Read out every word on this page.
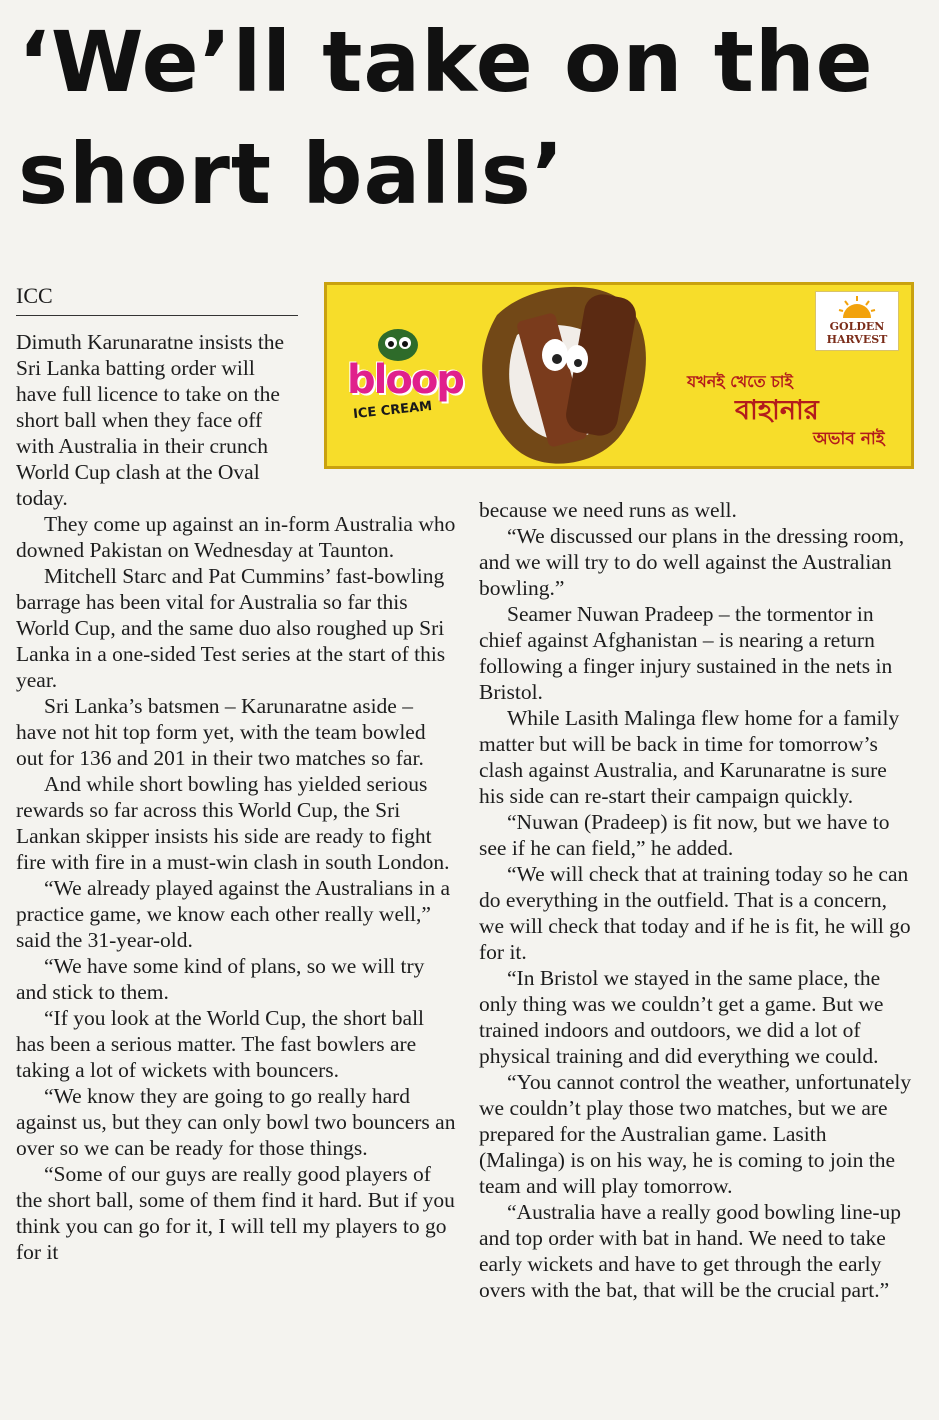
‘We’ll take on the
short balls’
ICC
bloop
ICE CREAM
GOLDEN HARVEST
যখনই খেতে চাই
বাহানার
অভাব নাই

Dimuth Karunaratne insists the Sri Lanka batting order will have full licence to take on the short ball when they face off with Australia in their crunch World Cup clash at the Oval today.

They come up against an in-form Australia who downed Pakistan on Wednesday at Taunton.

Mitchell Starc and Pat Cummins’ fast-bowling barrage has been vital for Australia so far this World Cup, and the same duo also roughed up Sri Lanka in a one-sided Test series at the start of this year.

Sri Lanka’s batsmen – Karunaratne aside – have not hit top form yet, with the team bowled out for 136 and 201 in their two matches so far.

And while short bowling has yielded serious rewards so far across this World Cup, the Sri Lankan skipper insists his side are ready to fight fire with fire in a must-win clash in south London.

“We already played against the Australians in a practice game, we know each other really well,” said the 31-year-old.

“We have some kind of plans, so we will try and stick to them.

“If you look at the World Cup, the short ball has been a serious matter. The fast bowlers are taking a lot of wickets with bouncers.

“We know they are going to go really hard against us, but they can only bowl two bouncers an over so we can be ready for those things.

“Some of our guys are really good players of the short ball, some of them find it hard. But if you think you can go for it, I will tell my players to go for it

because we need runs as well.

“We discussed our plans in the dressing room, and we will try to do well against the Australian bowling.”

Seamer Nuwan Pradeep – the tormentor in chief against Afghanistan – is nearing a return following a finger injury sustained in the nets in Bristol.

While Lasith Malinga flew home for a family matter but will be back in time for tomorrow’s clash against Australia, and Karunaratne is sure his side can re-start their campaign quickly.

“Nuwan (Pradeep) is fit now, but we have to see if he can field,” he added.

“We will check that at training today so he can do everything in the outfield. That is a concern, we will check that today and if he is fit, he will go for it.

“In Bristol we stayed in the same place, the only thing was we couldn’t get a game. But we trained indoors and outdoors, we did a lot of physical training and did everything we could.

“You cannot control the weather, unfortunately we couldn’t play those two matches, but we are prepared for the Australian game. Lasith (Malinga) is on his way, he is coming to join the team and will play tomorrow.

“Australia have a really good bowling line-up and top order with bat in hand. We need to take early wickets and have to get through the early overs with the bat, that will be the crucial part.”
